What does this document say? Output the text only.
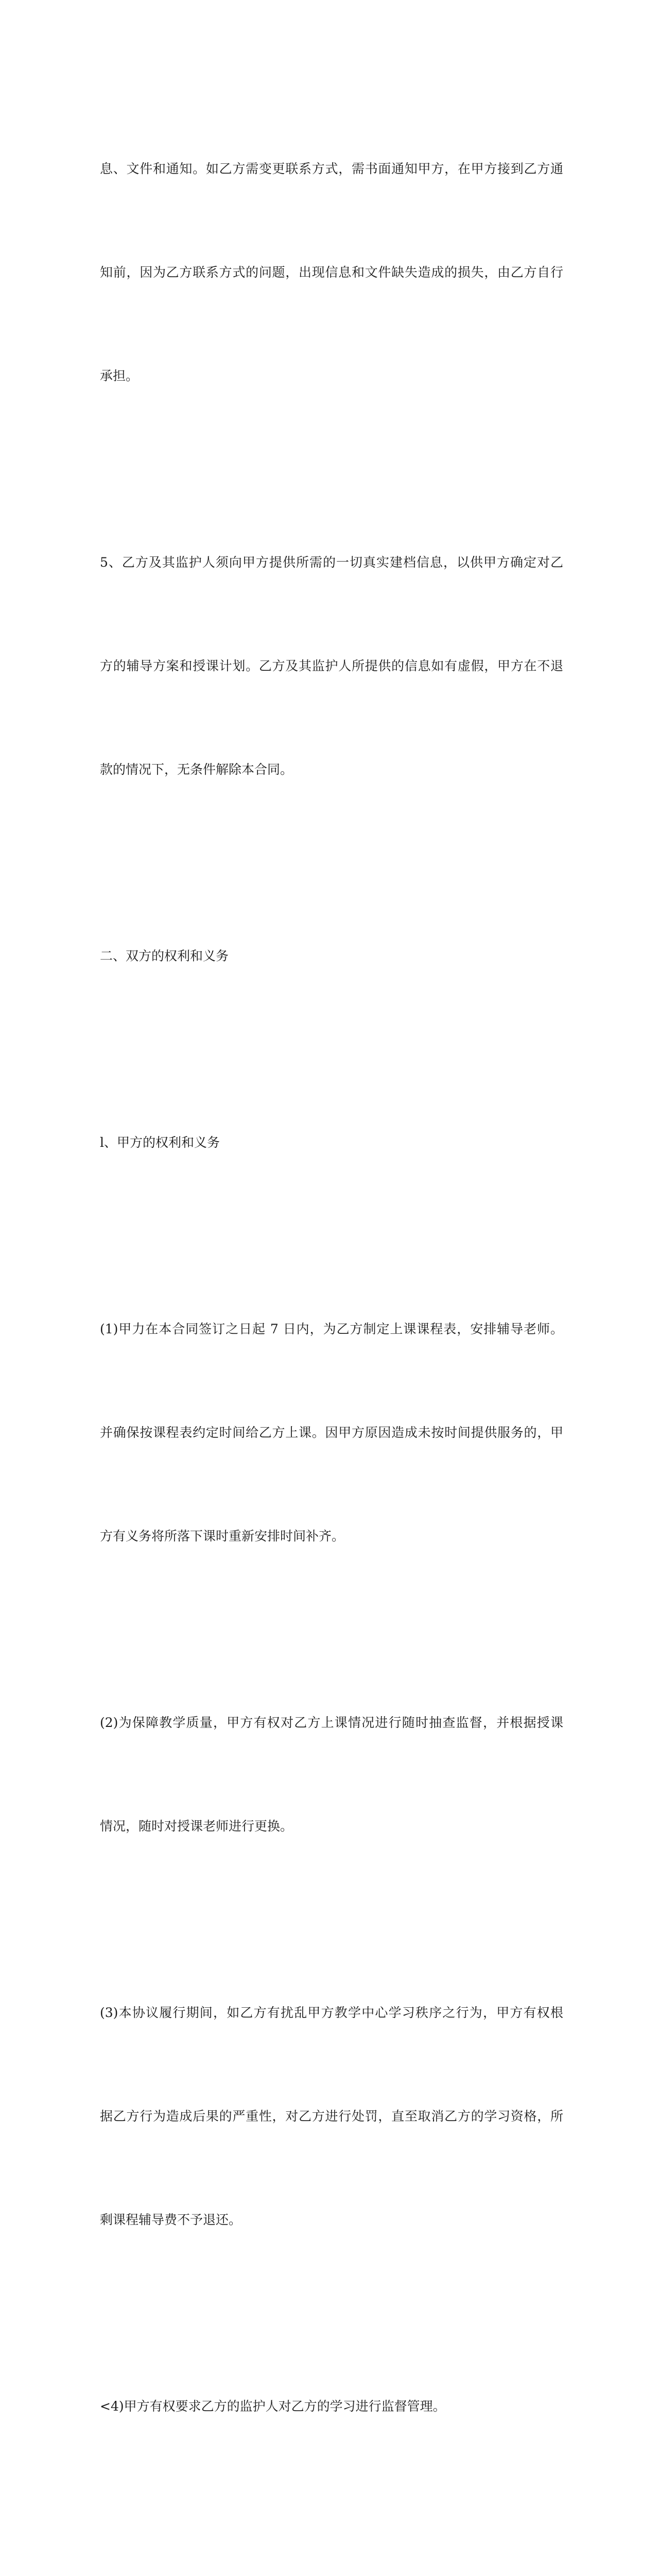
息、文件和通知。如乙方需变更联系方式，需书面通知甲方，在甲方接到乙方通

知前，因为乙方联系方式的问题，出现信息和文件缺失造成的损失，由乙方自行

承担。

5、乙方及其监护人须向甲方提供所需的一切真实建档信息，以供甲方确定对乙

方的辅导方案和授课计划。乙方及其监护人所提供的信息如有虚假，甲方在不退

款的情况下，无条件解除本合同。

二、双方的权利和义务

l、甲方的权利和义务

(1)甲力在本合同签订之日起 7 日内，为乙方制定上课课程表，安排辅导老师。

并确保按课程表约定时间给乙方上课。因甲方原因造成未按时间提供服务的，甲

方有义务将所落下课时重新安排时间补齐。

(2)为保障教学质量，甲方有权对乙方上课情况进行随时抽查监督，并根据授课

情况，随时对授课老师进行更换。

(3)本协议履行期间，如乙方有扰乱甲方教学中心学习秩序之行为，甲方有权根

据乙方行为造成后果的严重性，对乙方进行处罚，直至取消乙方的学习资格，所

剩课程辅导费不予退还。

<4)甲方有权要求乙方的监护人对乙方的学习进行监督管理。
